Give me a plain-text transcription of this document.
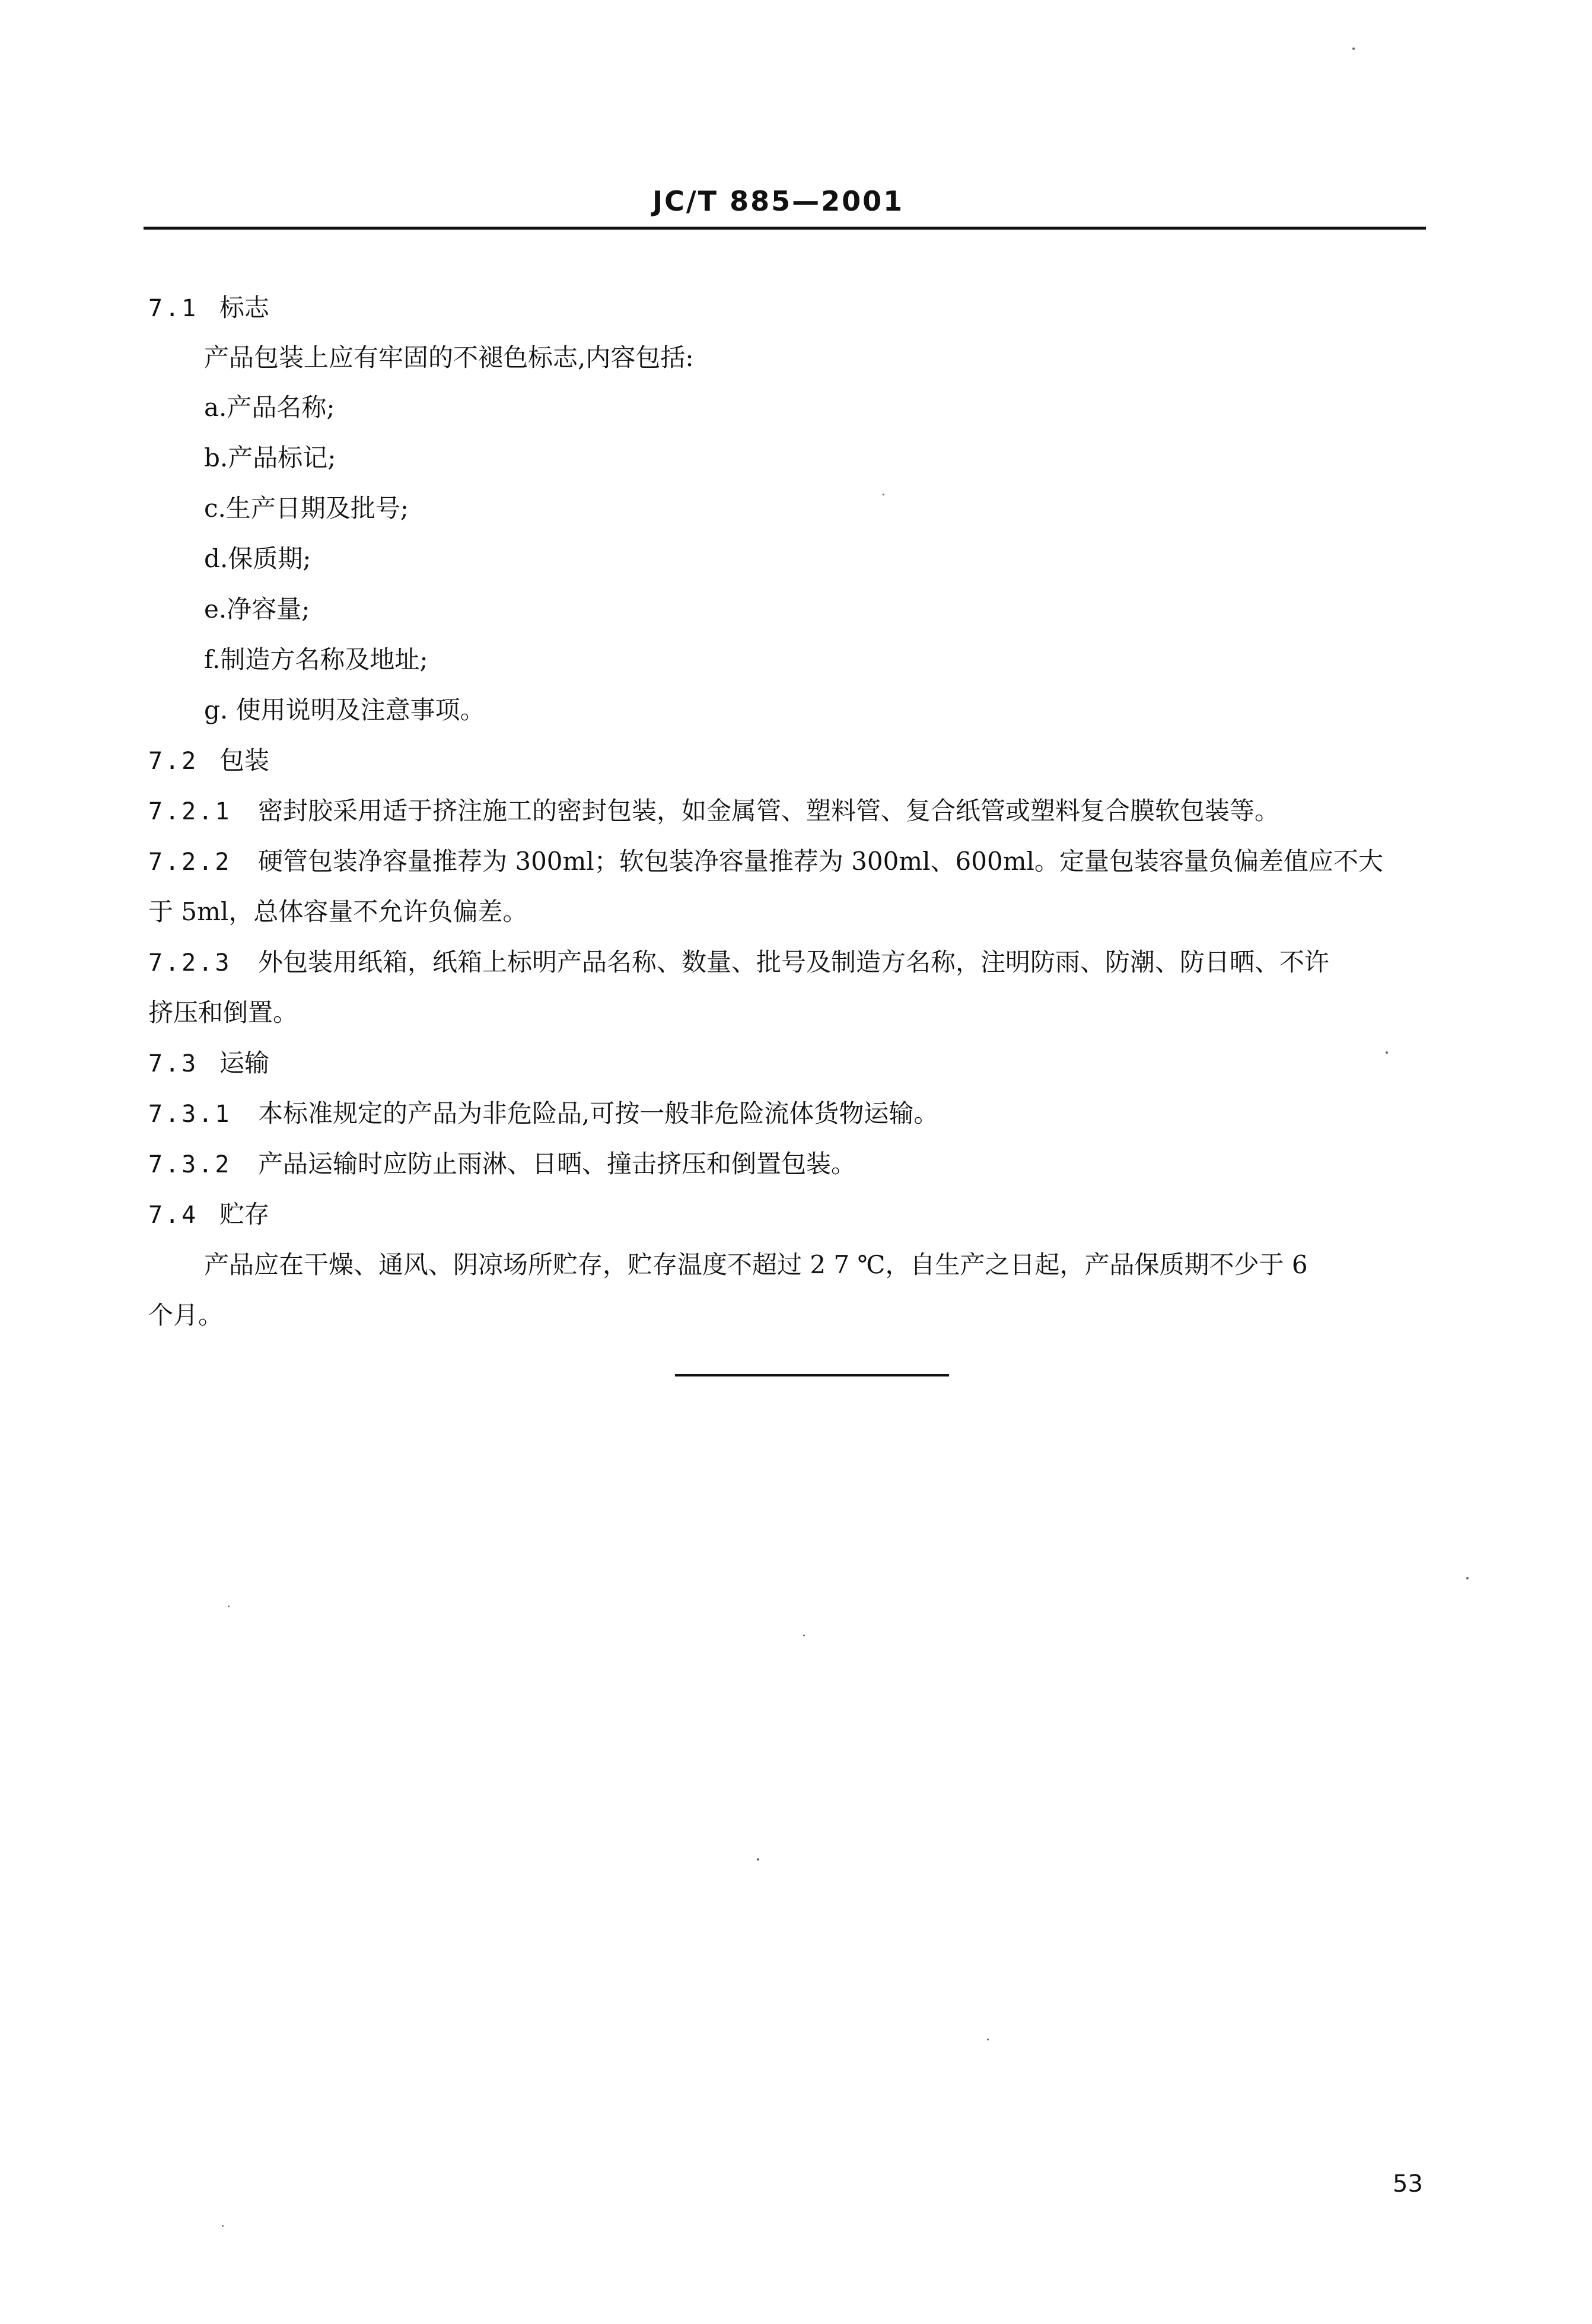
JC/T 885—2001
7.1 标志
产品包装上应有牢固的不褪色标志,内容包括:
a.产品名称;
b.产品标记;
c.生产日期及批号;
d.保质期;
e.净容量;
f.制造方名称及地址;
g. 使用说明及注意事项。
7.2 包装
7.2.1 密封胶采用适于挤注施工的密封包装，如金属管、塑料管、复合纸管或塑料复合膜软包装等。
7.2.2 硬管包装净容量推荐为 300ml；软包装净容量推荐为 300ml、600ml。定量包装容量负偏差值应不大
于 5ml，总体容量不允许负偏差。
7.2.3 外包装用纸箱，纸箱上标明产品名称、数量、批号及制造方名称，注明防雨、防潮、防日晒、不许
挤压和倒置。
7.3 运输
7.3.1 本标准规定的产品为非危险品,可按一般非危险流体货物运输。
7.3.2 产品运输时应防止雨淋、日晒、撞击挤压和倒置包装。
7.4 贮存
产品应在干燥、通风、阴凉场所贮存，贮存温度不超过 2 7 ℃，自生产之日起，产品保质期不少于 6
个月。
53
